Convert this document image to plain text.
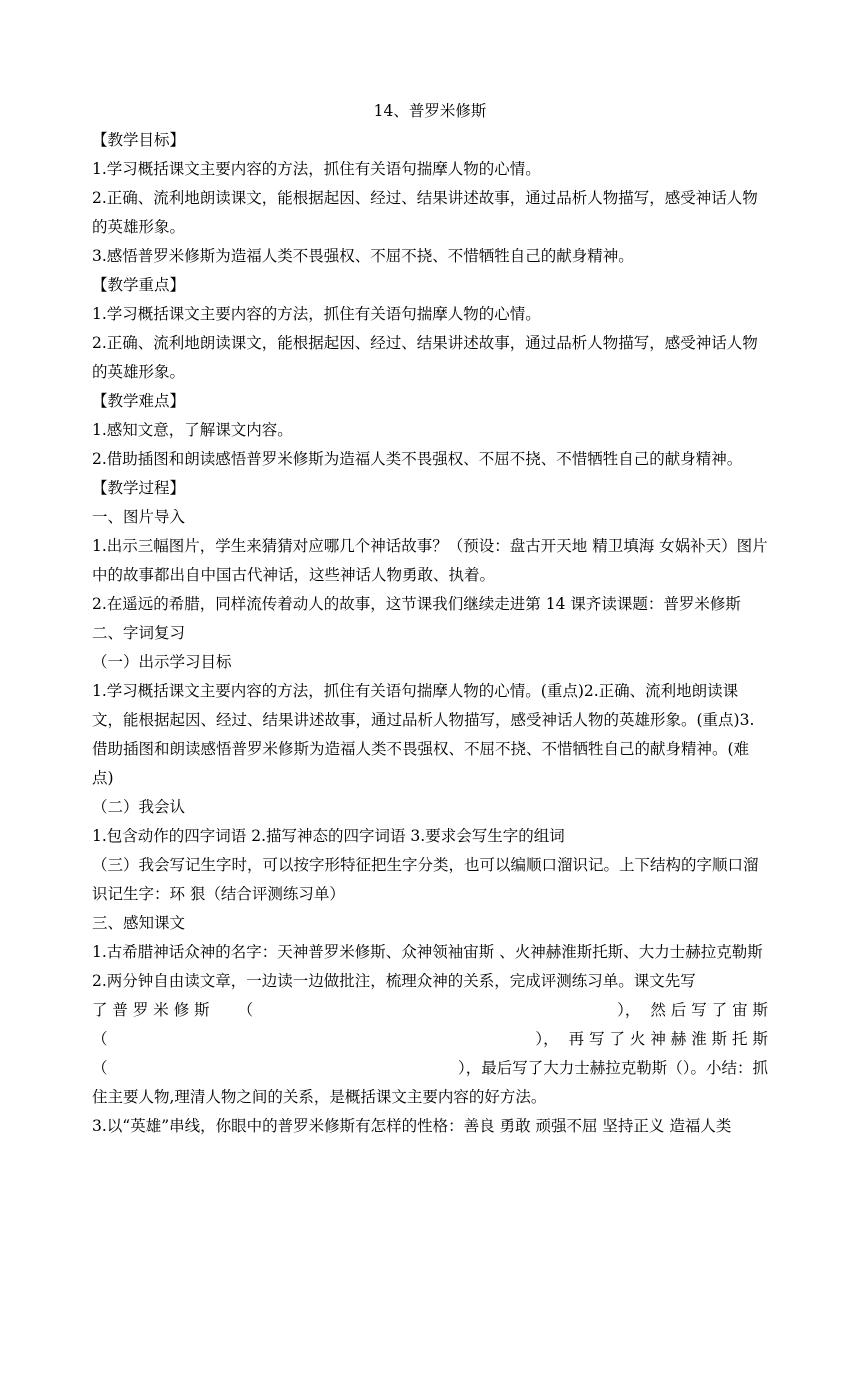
14、普罗米修斯

【教学目标】

1.学习概括课文主要内容的方法，抓住有关语句揣摩人物的心情。

2.正确、流利地朗读课文，能根据起因、经过、结果讲述故事，通过品析人物描写，感受神话人物的英雄形象。

3.感悟普罗米修斯为造福人类不畏强权、不屈不挠、不惜牺牲自己的献身精神。

【教学重点】

1.学习概括课文主要内容的方法，抓住有关语句揣摩人物的心情。

2.正确、流利地朗读课文，能根据起因、经过、结果讲述故事，通过品析人物描写，感受神话人物的英雄形象。

【教学难点】

1.感知文意，了解课文内容。

2.借助插图和朗读感悟普罗米修斯为造福人类不畏强权、不屈不挠、不惜牺牲自己的献身精神。

【教学过程】

一、图片导入

1.出示三幅图片，学生来猜猜对应哪几个神话故事？（预设：盘古开天地 精卫填海 女娲补天）图片中的故事都出自中国古代神话，这些神话人物勇敢、执着。

2.在遥远的希腊，同样流传着动人的故事，这节课我们继续走进第 14 课齐读课题：普罗米修斯

二、字词复习

（一）出示学习目标

1.学习概括课文主要内容的方法，抓住有关语句揣摩人物的心情。(重点)2.正确、流利地朗读课文，能根据起因、经过、结果讲述故事，通过品析人物描写，感受神话人物的英雄形象。(重点)3.借助插图和朗读感悟普罗米修斯为造福人类不畏强权、不屈不挠、不惜牺牲自己的献身精神。(难点)

（二）我会认

1.包含动作的四字词语 2.描写神态的四字词语 3.要求会写生字的组词

（三）我会写记生字时，可以按字形特征把生字分类，也可以编顺口溜识记。上下结构的字顺口溜识记生字：环 狠（结合评测练习单）

三、感知课文

1.古希腊神话众神的名字：天神普罗米修斯、众神领袖宙斯 、火神赫淮斯托斯、大力士赫拉克勒斯

2.两分钟自由读文章，一边读一边做批注，梳理众神的关系，完成评测练习单。课文先写

了 普 罗 米 修 斯 （	）， 然 后 写 了 宙 斯

（	）， 再 写 了 火 神 赫 淮 斯 托 斯

（	），最后写了大力士赫拉克勒斯（）。小结：抓

住主要人物,理清人物之间的关系，是概括课文主要内容的好方法。

3.以“英雄”串线，你眼中的普罗米修斯有怎样的性格：善良 勇敢 顽强不屈 坚持正义 造福人类
